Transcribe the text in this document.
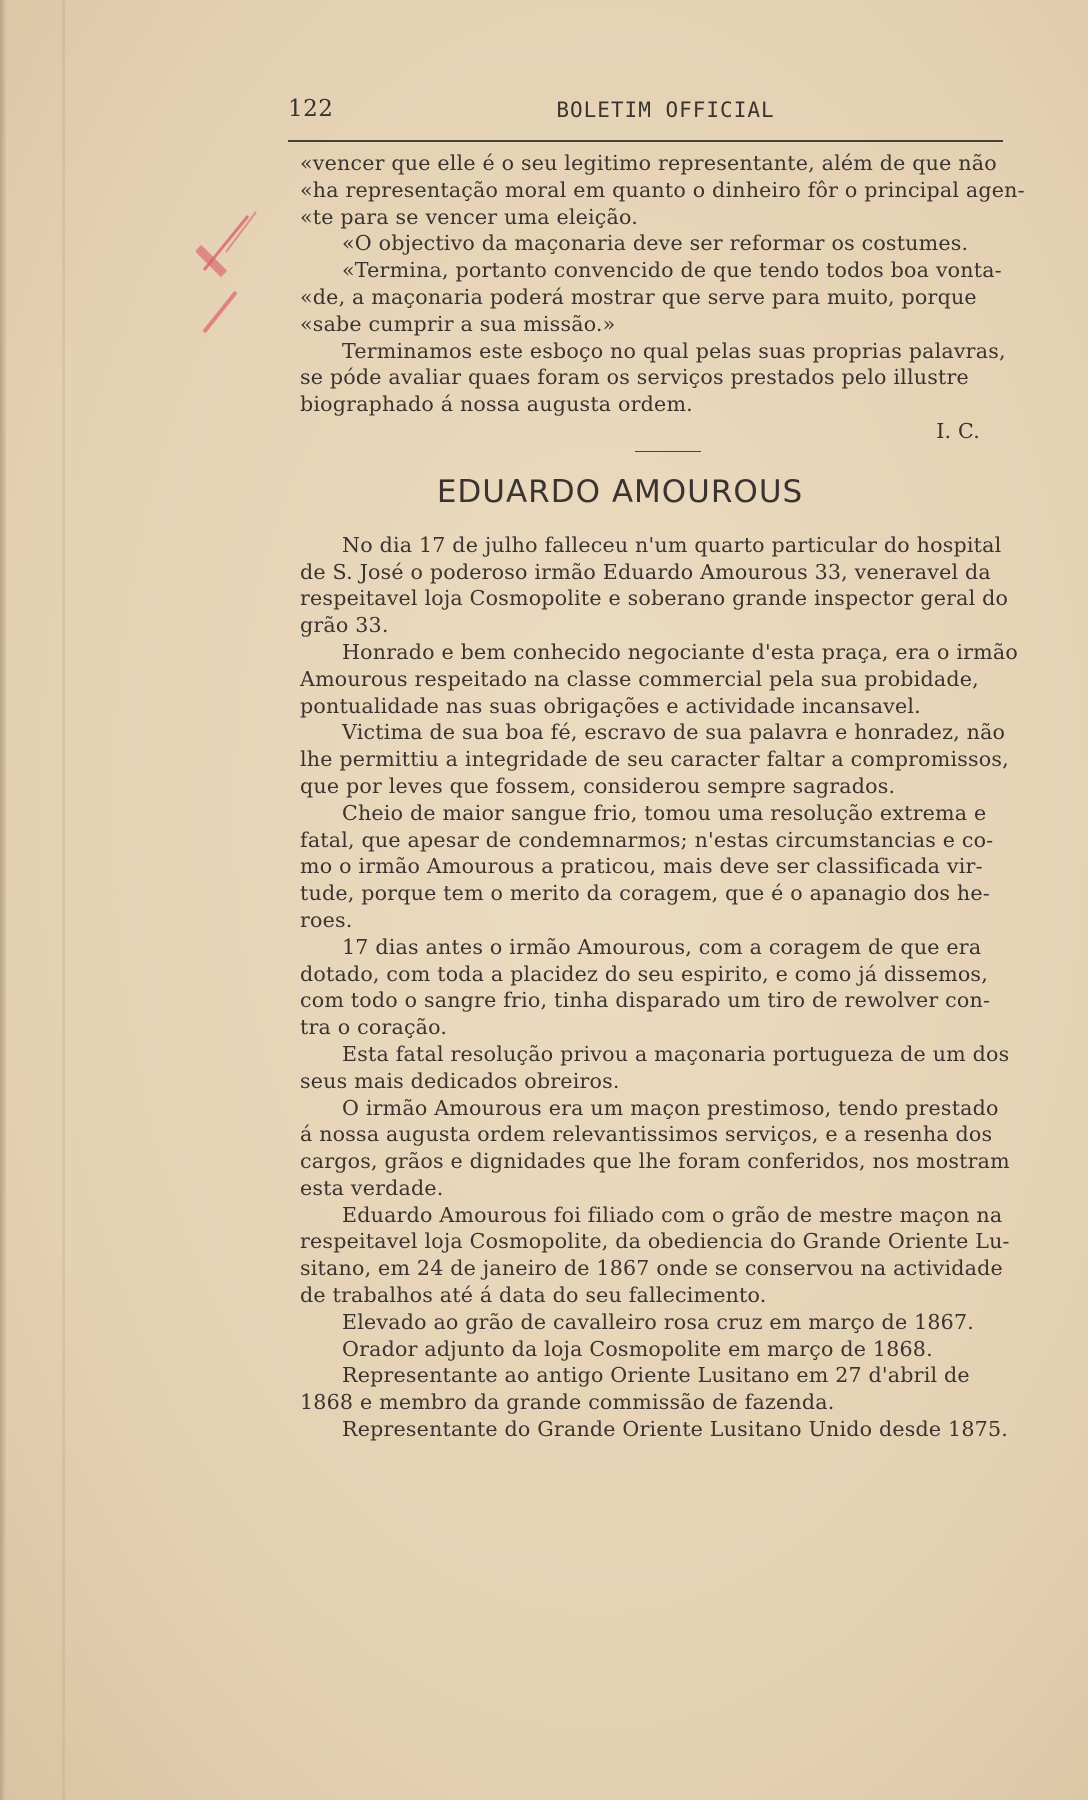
122	BOLETIM OFFICIAL
«vencer que elle é o seu legitimo representante, além de que não
«ha representação moral em quanto o dinheiro fôr o principal agen-
«te para se vencer uma eleição.
«O objectivo da maçonaria deve ser reformar os costumes.
«Termina, portanto convencido de que tendo todos boa vonta-
«de, a maçonaria poderá mostrar que serve para muito, porque
«sabe cumprir a sua missão.»
Terminamos este esboço no qual pelas suas proprias palavras,
se póde avaliar quaes foram os serviços prestados pelo illustre
biographado á nossa augusta ordem.
I. C.
EDUARDO AMOUROUS
No dia 17 de julho falleceu n'um quarto particular do hospital
de S. José o poderoso irmão Eduardo Amourous 33, veneravel da
respeitavel loja Cosmopolite e soberano grande inspector geral do
grão 33.
Honrado e bem conhecido negociante d'esta praça, era o irmão
Amourous respeitado na classe commercial pela sua probidade,
pontualidade nas suas obrigações e actividade incansavel.
Victima de sua boa fé, escravo de sua palavra e honradez, não
lhe permittiu a integridade de seu caracter faltar a compromissos,
que por leves que fossem, considerou sempre sagrados.
Cheio de maior sangue frio, tomou uma resolução extrema e
fatal, que apesar de condemnarmos; n'estas circumstancias e co-
mo o irmão Amourous a praticou, mais deve ser classificada vir-
tude, porque tem o merito da coragem, que é o apanagio dos he-
roes.
17 dias antes o irmão Amourous, com a coragem de que era
dotado, com toda a placidez do seu espirito, e como já dissemos,
com todo o sangre frio, tinha disparado um tiro de rewolver con-
tra o coração.
Esta fatal resolução privou a maçonaria portugueza de um dos
seus mais dedicados obreiros.
O irmão Amourous era um maçon prestimoso, tendo prestado
á nossa augusta ordem relevantissimos serviços, e a resenha dos
cargos, grãos e dignidades que lhe foram conferidos, nos mostram
esta verdade.
Eduardo Amourous foi filiado com o grão de mestre maçon na
respeitavel loja Cosmopolite, da obediencia do Grande Oriente Lu-
sitano, em 24 de janeiro de 1867 onde se conservou na actividade
de trabalhos até á data do seu fallecimento.
Elevado ao grão de cavalleiro rosa cruz em março de 1867.
Orador adjunto da loja Cosmopolite em março de 1868.
Representante ao antigo Oriente Lusitano em 27 d'abril de
1868 e membro da grande commissão de fazenda.
Representante do Grande Oriente Lusitano Unido desde 1875.
